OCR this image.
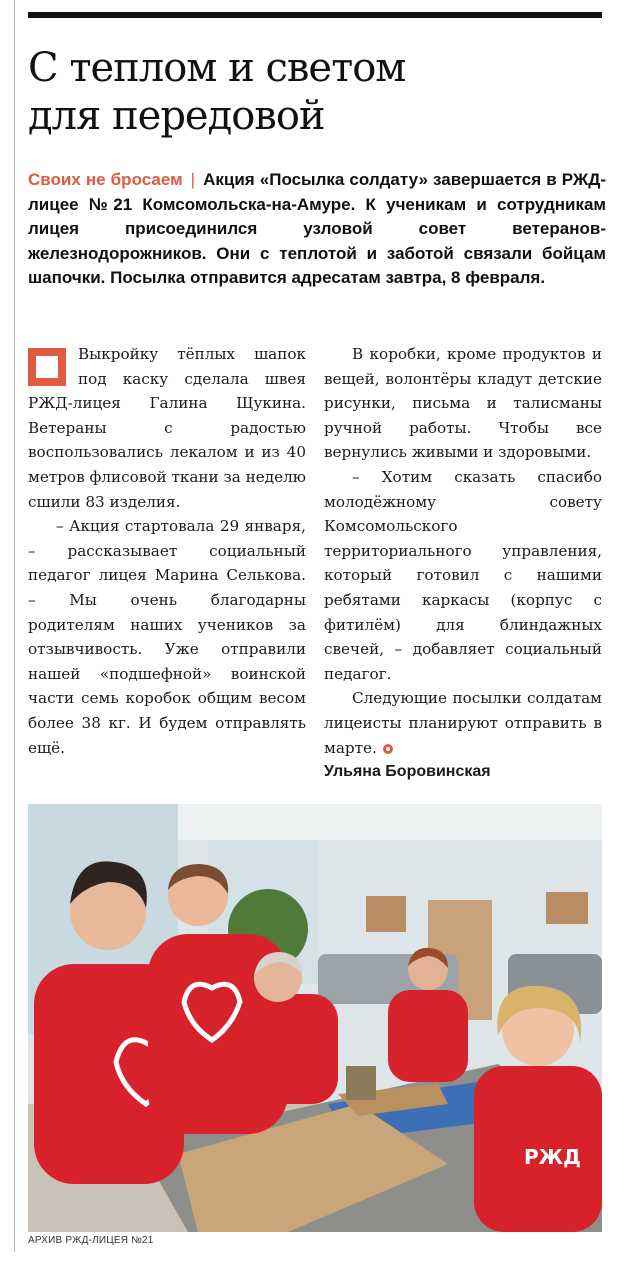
С теплом и светом
для передовой

Своих не бросаем | Акция «Посылка солдату» завершается в РЖД-лицее №21 Комсомольска-на-Амуре. К ученикам и сотрудникам лицея присоединился узловой совет ветеранов-железнодорожников. Они с теплотой и заботой связали бойцам шапочки. Посылка отправится адресатам завтра, 8 февраля.

Выкройку тёплых шапок под каску сделала швея РЖД-лицея Галина Щукина. Ветераны с радостью воспользовались лекалом и из 40 метров флисовой ткани за неделю сшили 83 изделия.

– Акция стартовала 29 января, – рассказывает социальный педагог лицея Марина Селькова. – Мы очень благодарны родителям наших учеников за отзывчивость. Уже отправили нашей «подшефной» воинской части семь коробок общим весом более 38 кг. И будем отправлять ещё.

В коробки, кроме продуктов и вещей, волонтёры кладут детские рисунки, письма и талисманы ручной работы. Чтобы все вернулись живыми и здоровыми.

– Хотим сказать спасибо молодёжному совету Комсомольского территориального управления, который готовил с нашими ребятами каркасы (корпус с фитилём) для блиндажных свечей, – добавляет социальный педагог.

Следующие посылки солдатам лицеисты планируют отправить в марте.

Ульяна Боровинская
РЖД
АРХИВ РЖД-ЛИЦЕЯ №21
